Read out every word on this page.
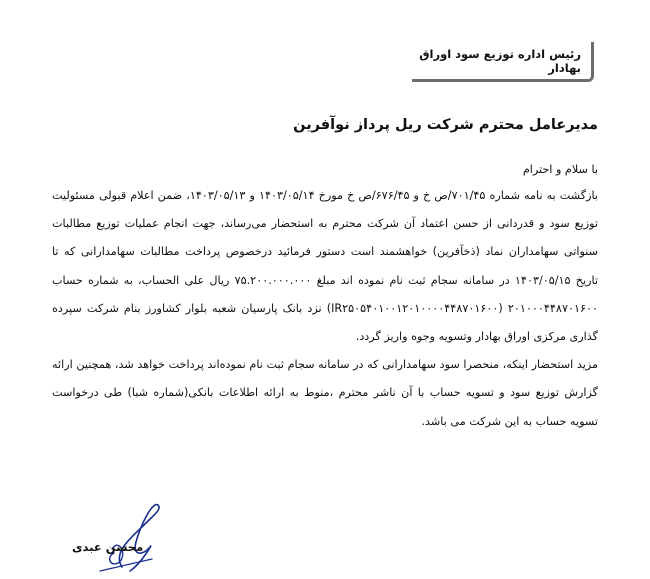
رئیس اداره توزیع سود اوراق بهادار
مدیرعامل محترم شرکت ریل پرداز نوآفرین

با سلام و احترام

بازگشت به نامه شماره ۷۰۱/۴۵/ص خ و ۶۷۶/۴۵/ص خ مورخ ۱۴۰۳/۰۵/۱۴ و ۱۴۰۳/۰۵/۱۳، ضمن اعلام قبولی مسئولیت توزیع سود و قدردانی از حسن اعتماد آن شرکت محترم به استحضار می‌رساند، جهت انجام عملیات توزیع مطالبات سنواتی سهامداران نماد (ذخآفرین) خواهشمند است دستور فرمائید درخصوص پرداخت مطالبات سهامدارانی که تا تاریخ ۱۴۰۳/۰۵/۱۵ در سامانه سجام ثبت نام نموده اند مبلغ ۷۵.۲۰۰.۰۰۰.۰۰۰ ریال علی الحساب، به شماره حساب ۲۰۱۰۰۰۴۴۸۷۰۱۶۰۰ (IR۲۵۰۵۴۰۱۰۰۱۲۰۱۰۰۰۰۴۴۸۷۰۱۶۰۰) نزد بانک پارسیان شعبه بلوار کشاورز بنام شرکت سپرده گذاری مرکزی اوراق بهادار وتسویه وجوه واریز گردد.

مزید استحضار اینکه، منحصرا سود سهامدارانی که در سامانه سجام ثبت نام نموده‌اند پرداخت خواهد شد، همچنین ارائه گزارش توزیع سود و تسویه حساب با آن ناشر محترم ،منوط به ارائه اطلاعات بانکی(شماره شبا) طی درخواست تسویه حساب به این شرکت می باشد.

محسن عبدی
